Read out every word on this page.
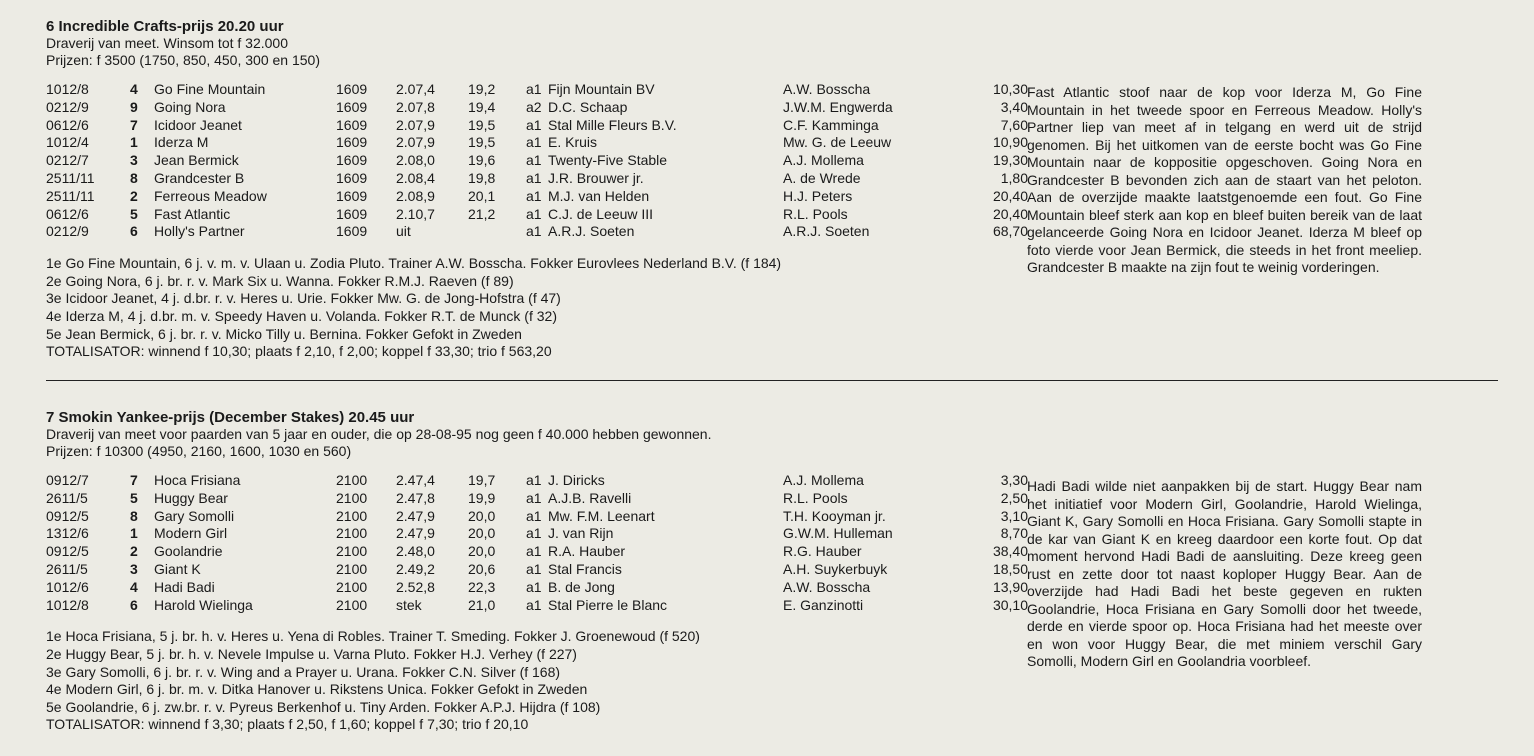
6 Incredible Crafts-prijs 20.20 uur
Draverij van meet. Winsom tot f 32.000
Prijzen: f 3500 (1750, 850, 450, 300 en 150)
1012/8	4 Go Fine Mountain	1609 2.07,4 19,2 a1 Fijn Mountain BV	A.W. Bosscha	10,30
0212/9	9 Going Nora	1609 2.07,8 19,4 a2 D.C. Schaap	J.W.M. Engwerda	3,40
0612/6	7 Icidoor Jeanet	1609 2.07,9 19,5 a1 Stal Mille Fleurs B.V.	C.F. Kamminga	7,60
1012/4	1 Iderza M	1609 2.07,9 19,5 a1 E. Kruis	Mw. G. de Leeuw	10,90
0212/7	3 Jean Bermick	1609 2.08,0 19,6 a1 Twenty-Five Stable	A.J. Mollema	19,30
2511/11	8 Grandcester B	1609 2.08,4 19,8 a1 J.R. Brouwer jr.	A. de Wrede	1,80
2511/11	2 Ferreous Meadow	1609 2.08,9 20,1 a1 M.J. van Helden	H.J. Peters	20,40
0612/6	5 Fast Atlantic	1609 2.10,7 21,2 a1 C.J. de Leeuw III	R.L. Pools	20,40
0212/9	6 Holly's Partner	1609 uit	a1 A.R.J. Soeten	A.R.J. Soeten	68,70
1e Go Fine Mountain, 6 j. v. m. v. Ulaan u. Zodia Pluto. Trainer A.W. Bosscha. Fokker Eurovlees Nederland B.V. (f 184)
2e Going Nora, 6 j. br. r. v. Mark Six u. Wanna. Fokker R.M.J. Raeven (f 89)
3e Icidoor Jeanet, 4 j. d.br. r. v. Heres u. Urie. Fokker Mw. G. de Jong-Hofstra (f 47)
4e Iderza M, 4 j. d.br. m. v. Speedy Haven u. Volanda. Fokker R.T. de Munck (f 32)
5e Jean Bermick, 6 j. br. r. v. Micko Tilly u. Bernina. Fokker Gefokt in Zweden
TOTALISATOR: winnend f 10,30; plaats f 2,10, f 2,00; koppel f 33,30; trio f 563,20
Fast Atlantic stoof naar de kop voor Iderza M, Go Fine Mountain in het tweede spoor en Ferreous Meadow. Holly's Partner liep van meet af in telgang en werd uit de strijd genomen. Bij het uitkomen van de eerste bocht was Go Fine Mountain naar de koppositie opgeschoven. Going Nora en Grandcester B bevonden zich aan de staart van het peloton. Aan de overzijde maakte laatstgenoemde een fout. Go Fine Mountain bleef sterk aan kop en bleef buiten bereik van de laat gelanceerde Going Nora en Icidoor Jeanet. Iderza M bleef op foto vierde voor Jean Bermick, die steeds in het front meeliep. Grandcester B maakte na zijn fout te weinig vorderingen.
7 Smokin Yankee-prijs (December Stakes) 20.45 uur
Draverij van meet voor paarden van 5 jaar en ouder, die op 28-08-95 nog geen f 40.000 hebben gewonnen.
Prijzen: f 10300 (4950, 2160, 1600, 1030 en 560)
0912/7	7 Hoca Frisiana	2100 2.47,4 19,7 a1 J. Diricks	A.J. Mollema	3,30
2611/5	5 Huggy Bear	2100 2.47,8 19,9 a1 A.J.B. Ravelli	R.L. Pools	2,50
0912/5	8 Gary Somolli	2100 2.47,9 20,0 a1 Mw. F.M. Leenart	T.H. Kooyman jr.	3,10
1312/6	1 Modern Girl	2100 2.47,9 20,0 a1 J. van Rijn	G.W.M. Hulleman	8,70
0912/5	2 Goolandrie	2100 2.48,0 20,0 a1 R.A. Hauber	R.G. Hauber	38,40
2611/5	3 Giant K	2100 2.49,2 20,6 a1 Stal Francis	A.H. Suykerbuyk	18,50
1012/6	4 Hadi Badi	2100 2.52,8 22,3 a1 B. de Jong	A.W. Bosscha	13,90
1012/8	6 Harold Wielinga	2100 stek	21,0 a1 Stal Pierre le Blanc	E. Ganzinotti	30,10
1e Hoca Frisiana, 5 j. br. h. v. Heres u. Yena di Robles. Trainer T. Smeding. Fokker J. Groenewoud (f 520)
2e Huggy Bear, 5 j. br. h. v. Nevele Impulse u. Varna Pluto. Fokker H.J. Verhey (f 227)
3e Gary Somolli, 6 j. br. r. v. Wing and a Prayer u. Urana. Fokker C.N. Silver (f 168)
4e Modern Girl, 6 j. br. m. v. Ditka Hanover u. Rikstens Unica. Fokker Gefokt in Zweden
5e Goolandrie, 6 j. zw.br. r. v. Pyreus Berkenhof u. Tiny Arden. Fokker A.P.J. Hijdra (f 108)
TOTALISATOR: winnend f 3,30; plaats f 2,50, f 1,60; koppel f 7,30; trio f 20,10
Hadi Badi wilde niet aanpakken bij de start. Huggy Bear nam het initiatief voor Modern Girl, Goolandrie, Harold Wielinga, Giant K, Gary Somolli en Hoca Frisiana. Gary Somolli stapte in de kar van Giant K en kreeg daardoor een korte fout. Op dat moment hervond Hadi Badi de aansluiting. Deze kreeg geen rust en zette door tot naast koploper Huggy Bear. Aan de overzijde had Hadi Badi het beste gegeven en rukten Goolandrie, Hoca Frisiana en Gary Somolli door het tweede, derde en vierde spoor op. Hoca Frisiana had het meeste over en won voor Huggy Bear, die met miniem verschil Gary Somolli, Modern Girl en Goolandria voorbleef.
